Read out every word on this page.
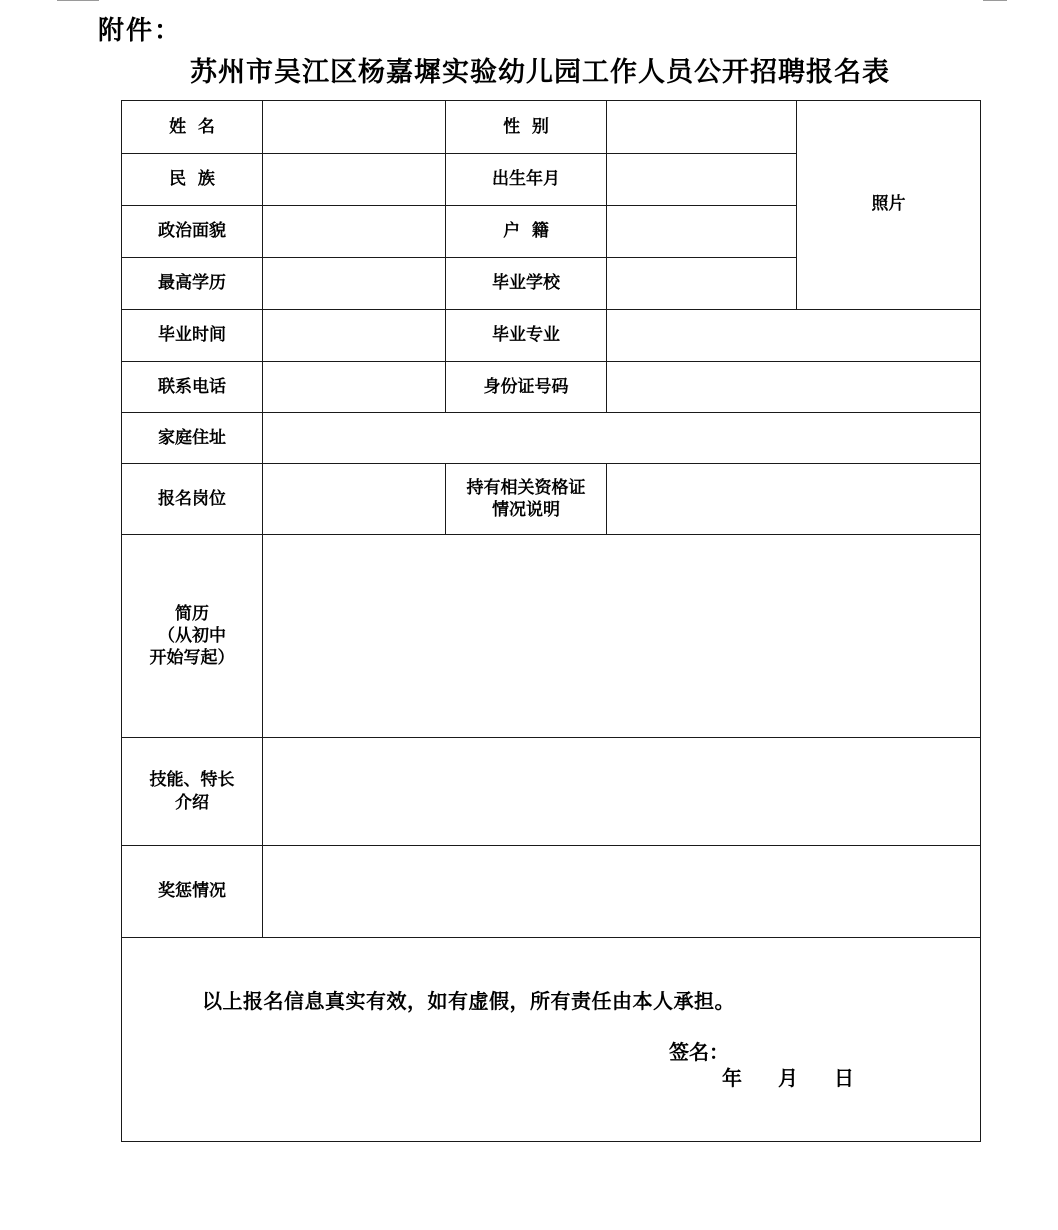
附件：
苏州市吴江区杨嘉墀实验幼儿园工作人员公开招聘报名表
姓  名		性  别		照片
民  族		出生年月		
政治面貌		户  籍		
最高学历		毕业学校		
毕业时间		毕业专业		
联系电话		身份证号码		
家庭住址				
报名岗位		持有相关资格证
情况说明		

简历
（从初中
开始写起）				

技能、特长
介绍				

奖惩情况				

以上报名信息真实有效，如有虚假，所有责任由本人承担。
签名：
年 月 日				
